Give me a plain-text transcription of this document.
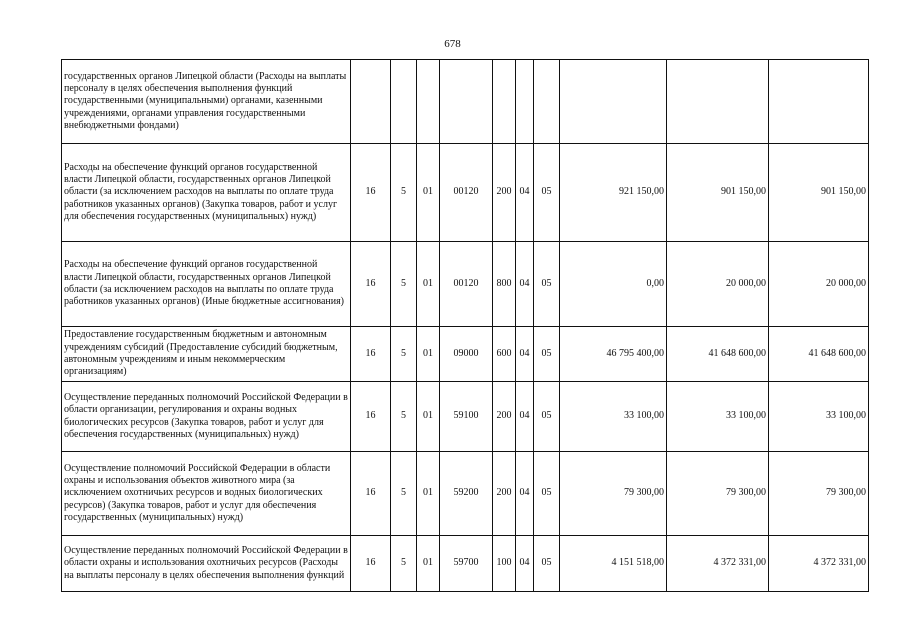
678
государственных органов Липецкой области (Расходы на выплаты персоналу в целях обеспечения выполнения функций государственными (муниципальными) органами, казенными учреждениями, органами управления государственными внебюджетными фондами)										
Расходы на обеспечение функций органов государственной власти Липецкой области, государственных органов Липецкой области (за исключением расходов на выплаты по оплате труда работников указанных органов) (Закупка товаров, работ и услуг для обеспечения государственных (муниципальных) нужд)	16	5	01	00120	200	04	05	921 150,00	901 150,00	901 150,00
Расходы на обеспечение функций органов государственной власти Липецкой области, государственных органов Липецкой области (за исключением расходов на выплаты по оплате труда работников указанных органов) (Иные бюджетные ассигнования)	16	5	01	00120	800	04	05	0,00	20 000,00	20 000,00
Предоставление государственным бюджетным и автономным учреждениям субсидий (Предоставление субсидий бюджетным, автономным учреждениям и иным некоммерческим организациям)	16	5	01	09000	600	04	05	46 795 400,00	41 648 600,00	41 648 600,00
Осуществление переданных полномочий Российской Федерации в области организации, регулирования и охраны водных биологических ресурсов (Закупка товаров, работ и услуг для обеспечения государственных (муниципальных) нужд)	16	5	01	59100	200	04	05	33 100,00	33 100,00	33 100,00
Осуществление полномочий Российской Федерации в области охраны и использования объектов животного мира (за исключением охотничьих ресурсов и водных биологических ресурсов) (Закупка товаров, работ и услуг для обеспечения государственных (муниципальных) нужд)	16	5	01	59200	200	04	05	79 300,00	79 300,00	79 300,00
Осуществление переданных полномочий Российской Федерации в области охраны и использования охотничьих ресурсов (Расходы на выплаты персоналу в целях обеспечения выполнения функций	16	5	01	59700	100	04	05	4 151 518,00	4 372 331,00	4 372 331,00
